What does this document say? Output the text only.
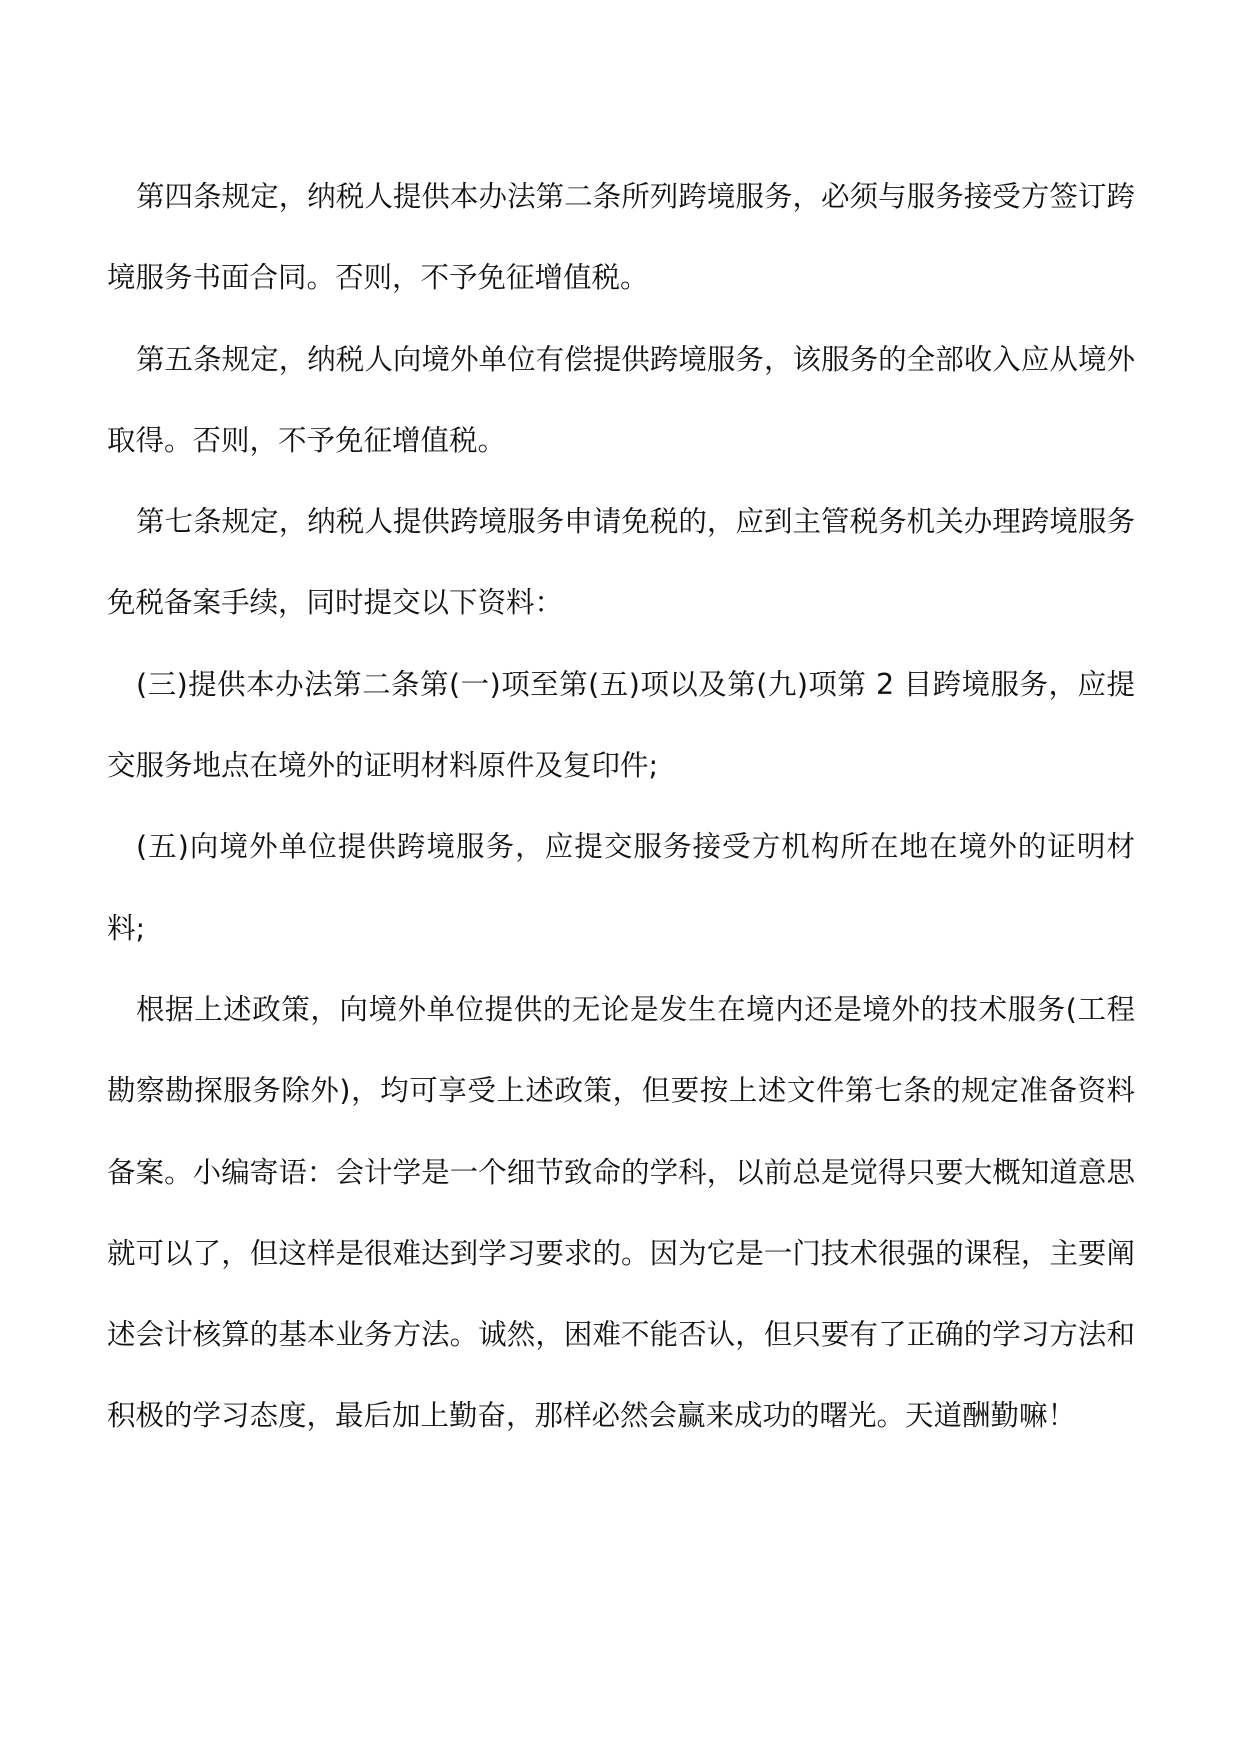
第四条规定，纳税人提供本办法第二条所列跨境服务，必须与服务接受方签订跨境服务书面合同。否则，不予免征增值税。

第五条规定，纳税人向境外单位有偿提供跨境服务，该服务的全部收入应从境外取得。否则，不予免征增值税。

第七条规定，纳税人提供跨境服务申请免税的，应到主管税务机关办理跨境服务免税备案手续，同时提交以下资料：

(三)提供本办法第二条第(一)项至第(五)项以及第(九)项第 2 目跨境服务，应提交服务地点在境外的证明材料原件及复印件;

(五)向境外单位提供跨境服务，应提交服务接受方机构所在地在境外的证明材料;

根据上述政策，向境外单位提供的无论是发生在境内还是境外的技术服务(工程勘察勘探服务除外)，均可享受上述政策，但要按上述文件第七条的规定准备资料备案。小编寄语：会计学是一个细节致命的学科，以前总是觉得只要大概知道意思就可以了，但这样是很难达到学习要求的。因为它是一门技术很强的课程，主要阐述会计核算的基本业务方法。诚然，困难不能否认，但只要有了正确的学习方法和积极的学习态度，最后加上勤奋，那样必然会赢来成功的曙光。天道酬勤嘛！
